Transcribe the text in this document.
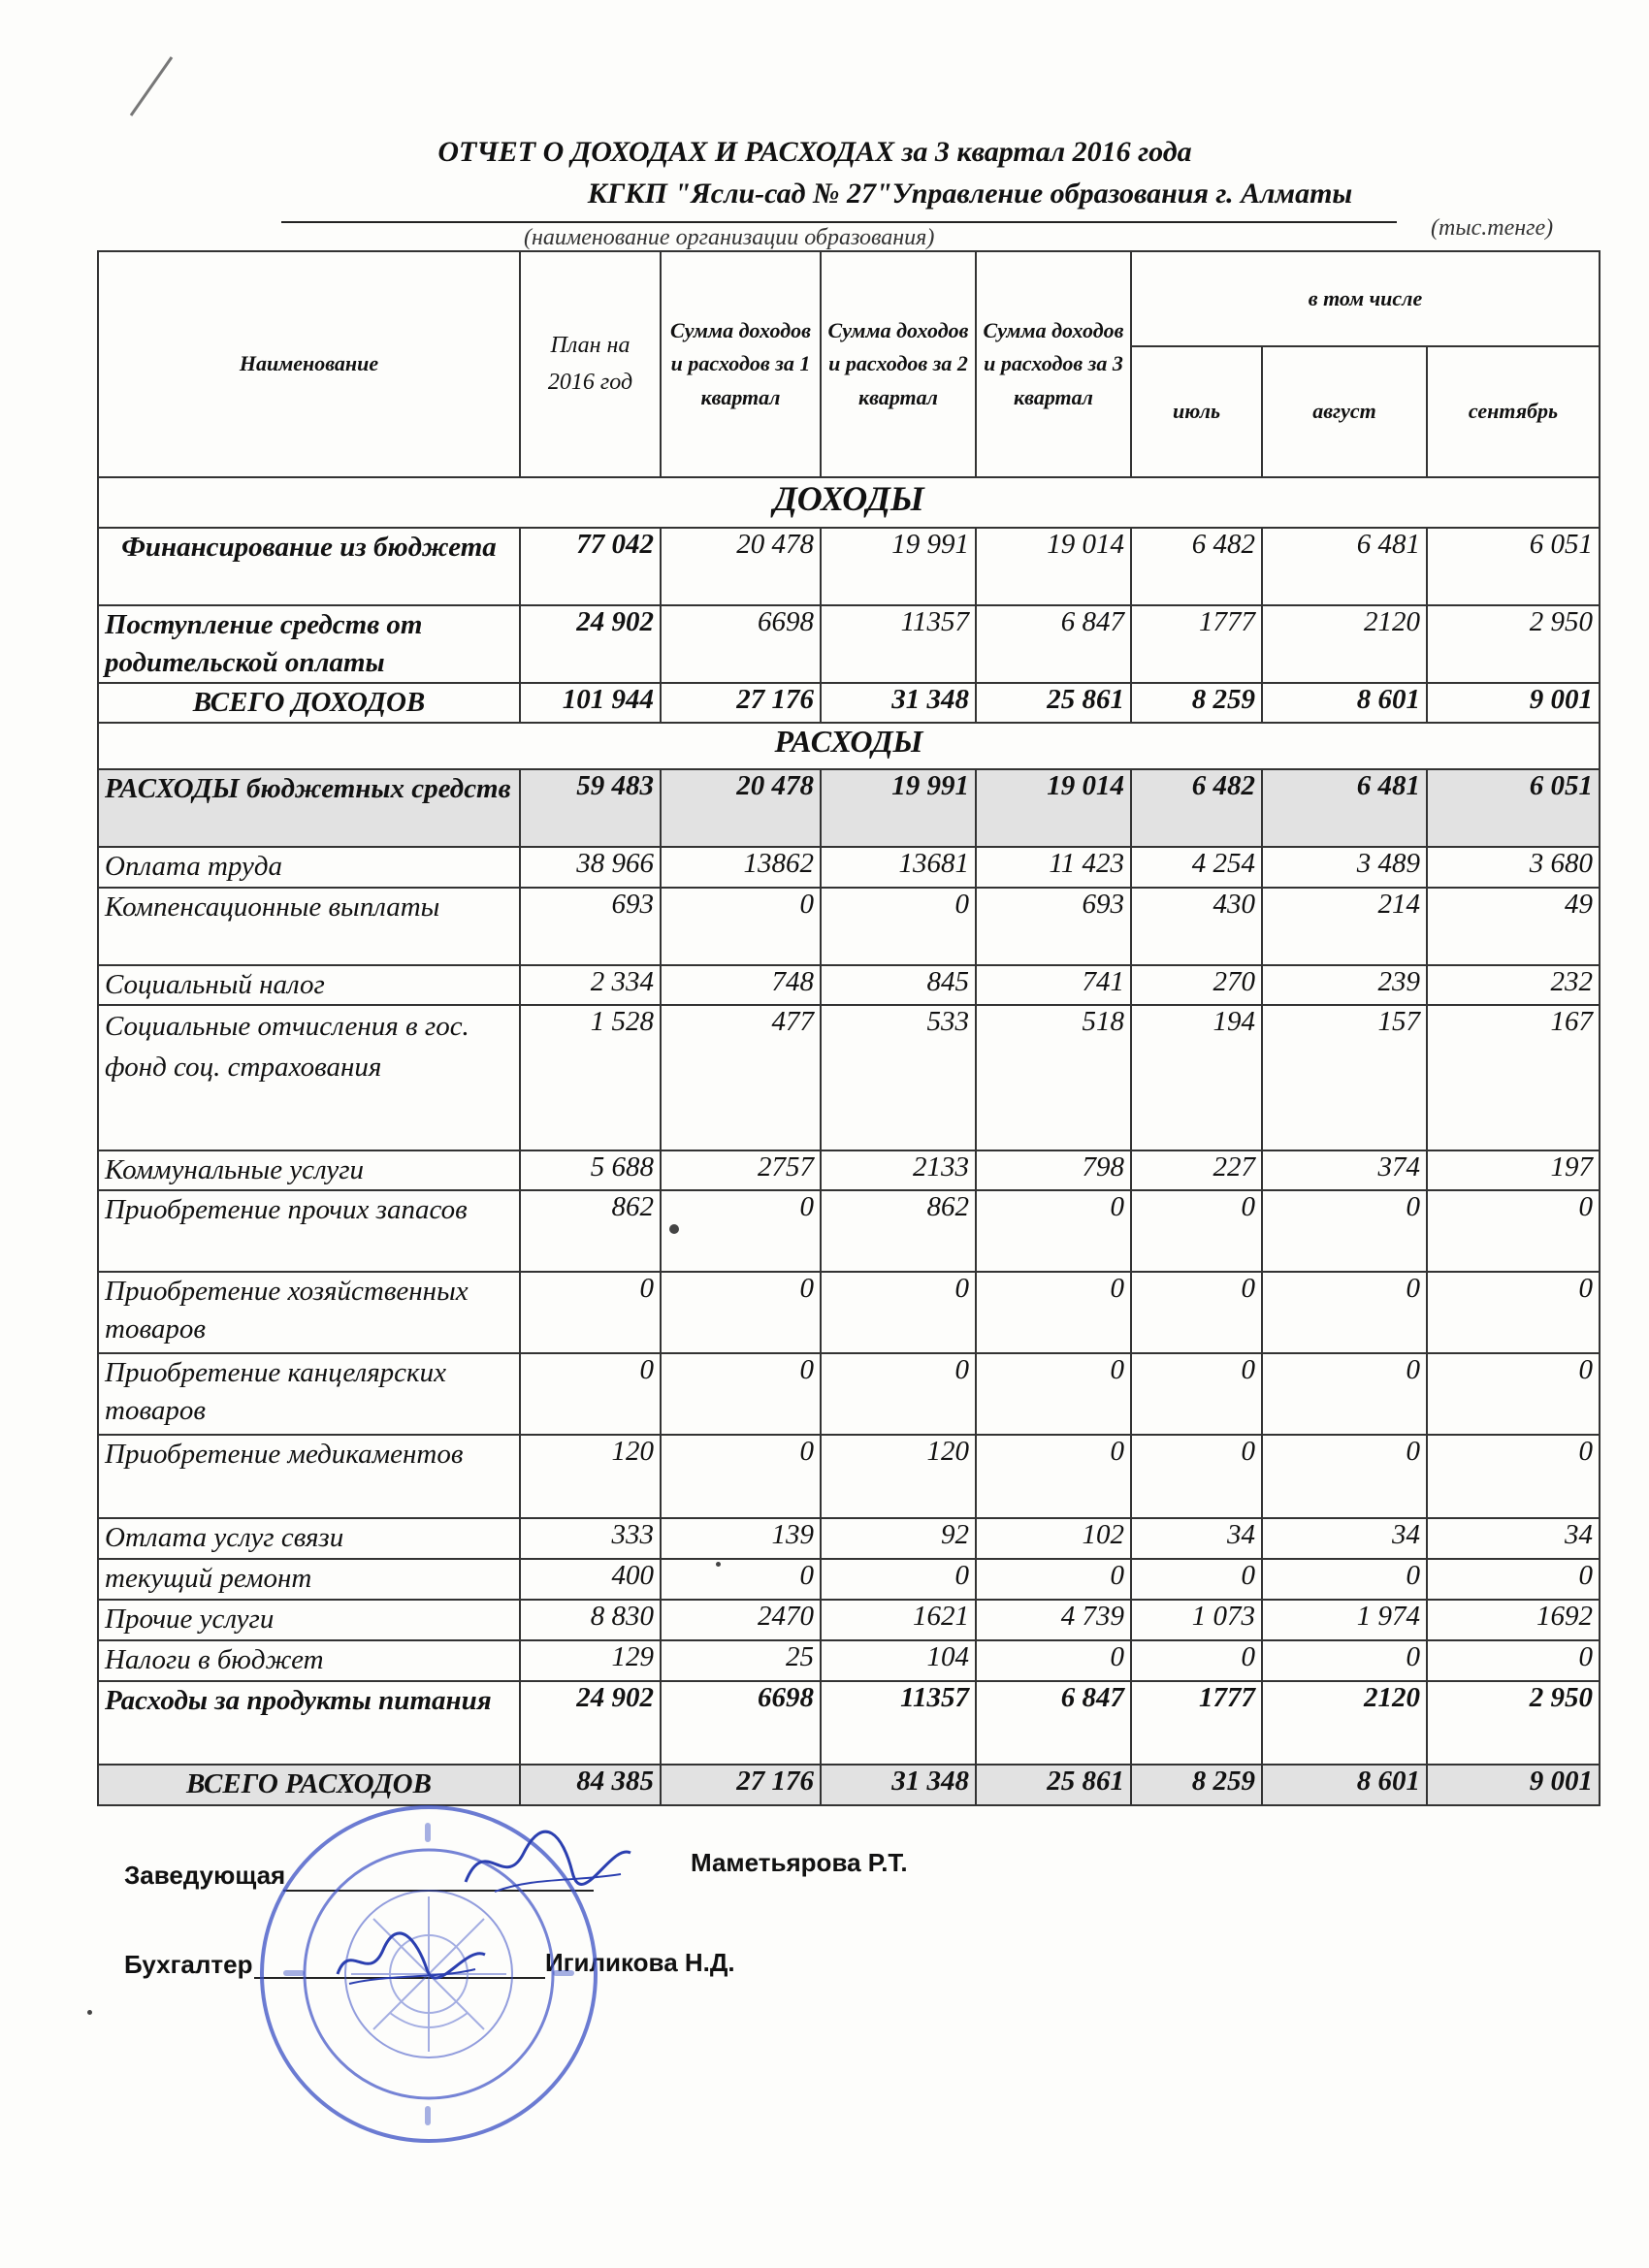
ОТЧЕТ О ДОХОДАХ И РАСХОДАХ за 3 квартал 2016 года
КГКП "Ясли-сад № 27"Управление образования г. Алматы
(наименование организации образования)	(тыс.тенге)
Наименование	План на 2016 год	Сумма доходов и расходов за 1 квартал	Сумма доходов и расходов за 2 квартал	Сумма доходов и расходов за 3 квартал	в том числе		
					июль	август	сентябрь
ДОХОДЫ							
Финансирование из бюджета	77 042	20 478	19 991	19 014	6 482	6 481	6 051
Поступление средств от родительской оплаты	24 902	6698	11357	6 847	1777	2120	2 950
ВСЕГО ДОХОДОВ	101 944	27 176	31 348	25 861	8 259	8 601	9 001
РАСХОДЫ							
РАСХОДЫ бюджетных средств	59 483	20 478	19 991	19 014	6 482	6 481	6 051
Оплата труда	38 966	13862	13681	11 423	4 254	3 489	3 680
Компенсационные выплаты	693	0	0	693	430	214	49
Социальный налог	2 334	748	845	741	270	239	232
Социальные отчисления в гос. фонд соц. страхования	1 528	477	533	518	194	157	167
Коммунальные услуги	5 688	2757	2133	798	227	374	197
Приобретение прочих запасов	862	0	862	0	0	0	0
Приобретение хозяйственных товаров	0	0	0	0	0	0	0
Приобретение канцелярских товаров	0	0	0	0	0	0	0
Приобретение медикаментов	120	0	120	0	0	0	0
Отлата услуг связи	333	139	92	102	34	34	34
текущий ремонт	400	0	0	0	0	0	0
Прочие услуги	8 830	2470	1621	4 739	1 073	1 974	1692
Налоги в бюджет	129	25	104	0	0	0	0
Расходы за продукты питания	24 902	6698	11357	6 847	1777	2120	2 950
ВСЕГО РАСХОДОВ	84 385	27 176	31 348	25 861	8 259	8 601	9 001
Заведующая	Маметьярова Р.Т.
Бухгалтер	Игиликова Н.Д.
